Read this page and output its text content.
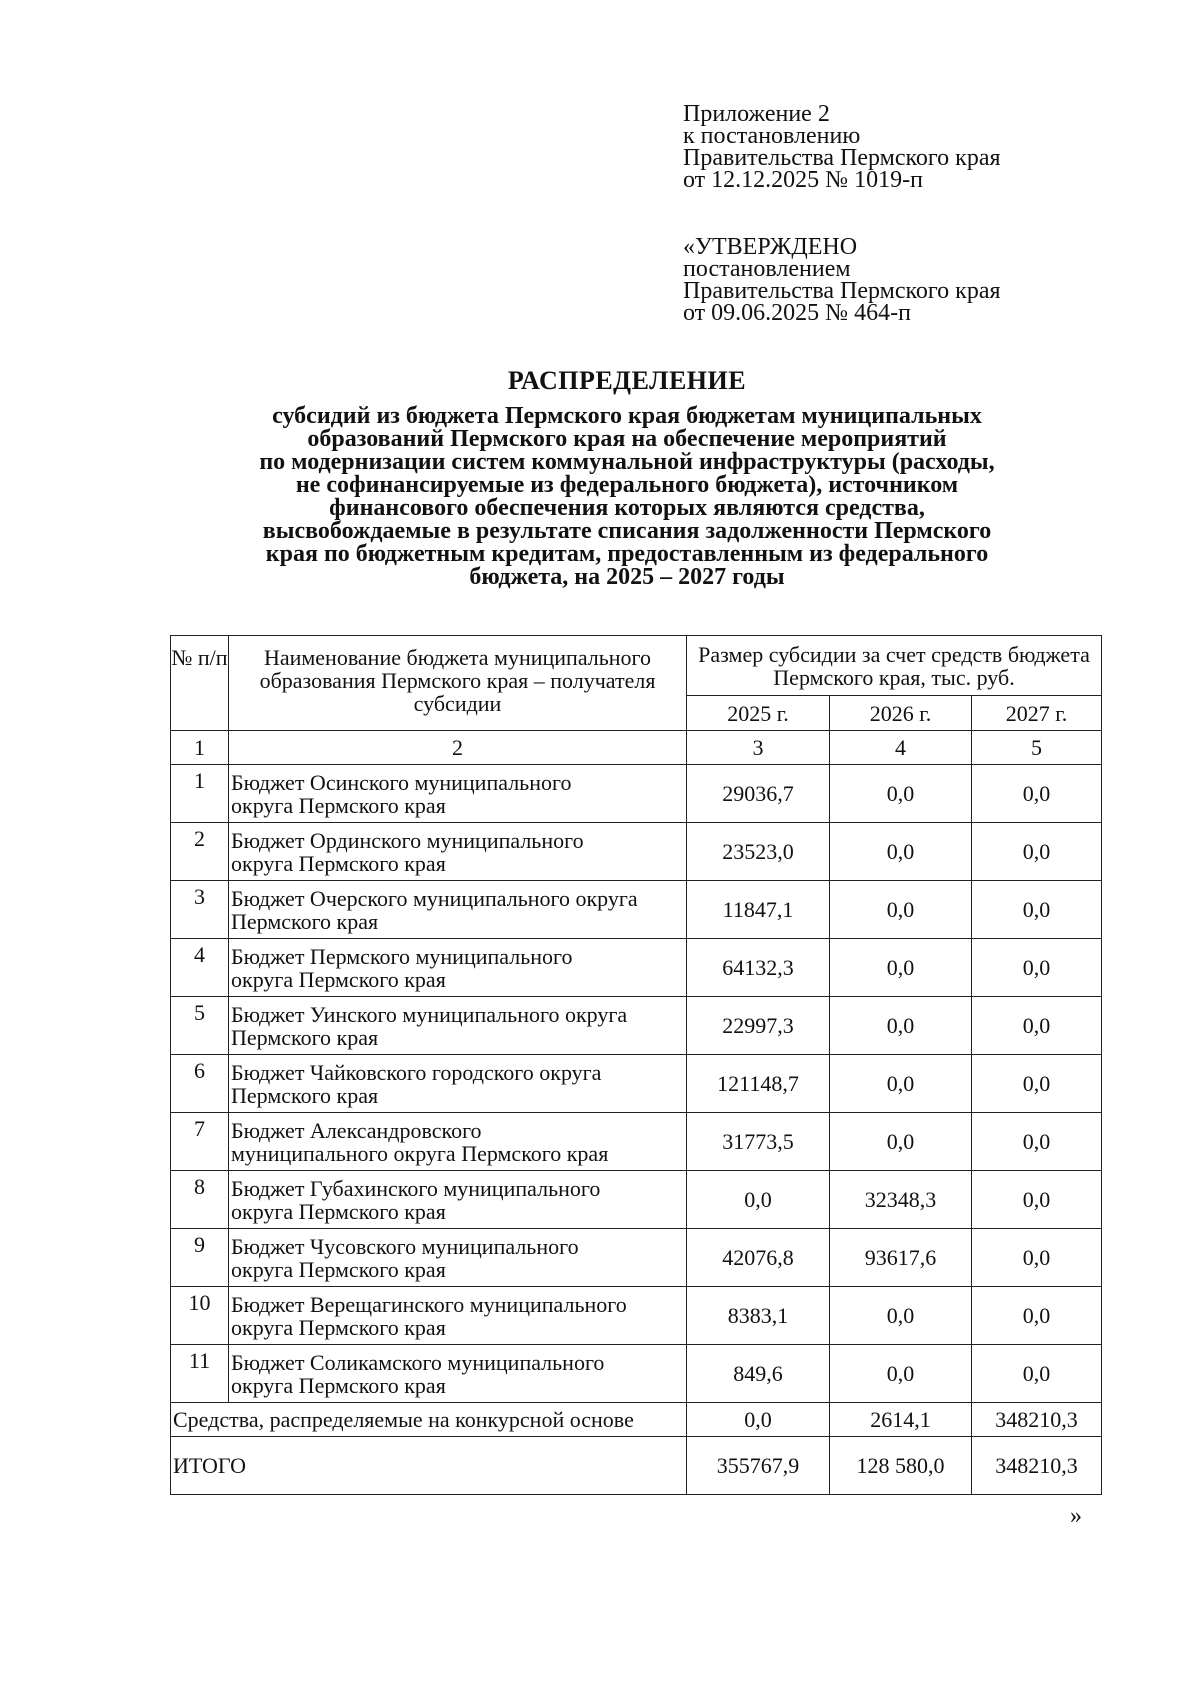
Приложение 2
к постановлению
Правительства Пермского края
от 12.12.2025 № 1019-п
«УТВЕРЖДЕНО
постановлением
Правительства Пермского края
от 09.06.2025 № 464-п
РАСПРЕДЕЛЕНИЕ
субсидий из бюджета Пермского края бюджетам муниципальных
образований Пермского края на обеспечение мероприятий
по модернизации систем коммунальной инфраструктуры (расходы,
не софинансируемые из федерального бюджета), источником
финансового обеспечения которых являются средства,
высвобождаемые в результате списания задолженности Пермского
края по бюджетным кредитам, предоставленным из федерального
бюджета, на 2025 – 2027 годы
№ п/п	Наименование бюджета муниципального образования Пермского края – получателя субсидии	Размер субсидии за счет средств бюджета Пермского края, тыс. руб.		
		2025 г.	2026 г.	2027 г.
1	2	3	4	5
1	Бюджет Осинского муниципального
округа Пермского края	29036,7	0,0	0,0
2	Бюджет Ординского муниципального
округа Пермского края	23523,0	0,0	0,0
3	Бюджет Очерского муниципального округа
Пермского края	11847,1	0,0	0,0
4	Бюджет Пермского муниципального
округа Пермского края	64132,3	0,0	0,0
5	Бюджет Уинского муниципального округа
Пермского края	22997,3	0,0	0,0
6	Бюджет Чайковского городского округа
Пермского края	121148,7	0,0	0,0
7	Бюджет Александровского
муниципального округа Пермского края	31773,5	0,0	0,0
8	Бюджет Губахинского муниципального
округа Пермского края	0,0	32348,3	0,0
9	Бюджет Чусовского муниципального
округа Пермского края	42076,8	93617,6	0,0
10	Бюджет Верещагинского муниципального
округа Пермского края	8383,1	0,0	0,0
11	Бюджет Соликамского муниципального
округа Пермского края	849,6	0,0	0,0
Средства, распределяемые на конкурсной основе		0,0	2614,1	348210,3
ИТОГО		355767,9	128 580,0	348210,3
»
